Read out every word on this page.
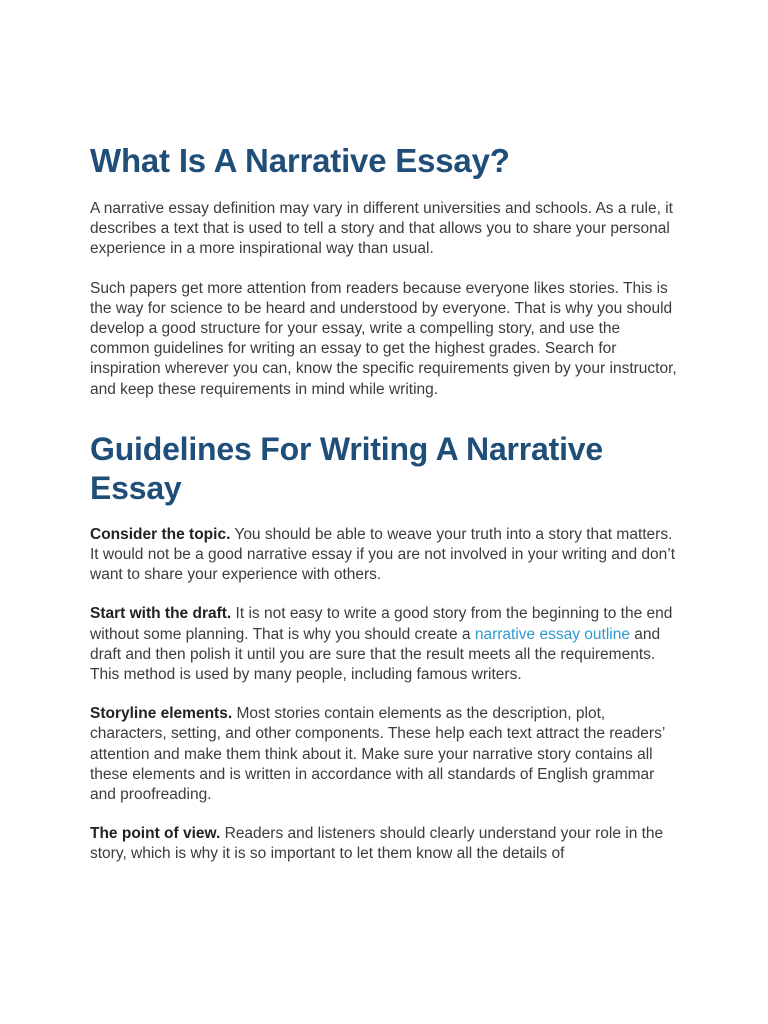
What Is A Narrative Essay?

A narrative essay definition may vary in different universities and schools. As a rule, it describes a text that is used to tell a story and that allows you to share your personal experience in a more inspirational way than usual.

Such papers get more attention from readers because everyone likes stories. This is the way for science to be heard and understood by everyone. That is why you should develop a good structure for your essay, write a compelling story, and use the common guidelines for writing an essay to get the highest grades. Search for inspiration wherever you can, know the specific requirements given by your instructor, and keep these requirements in mind while writing.

Guidelines For Writing A Narrative Essay

Consider the topic. You should be able to weave your truth into a story that matters. It would not be a good narrative essay if you are not involved in your writing and don’t want to share your experience with others.

Start with the draft. It is not easy to write a good story from the beginning to the end without some planning. That is why you should create a narrative essay outline and draft and then polish it until you are sure that the result meets all the requirements. This method is used by many people, including famous writers.

Storyline elements. Most stories contain elements as the description, plot, characters, setting, and other components. These help each text attract the readers’ attention and make them think about it. Make sure your narrative story contains all these elements and is written in accordance with all standards of English grammar and proofreading.

The point of view. Readers and listeners should clearly understand your role in the story, which is why it is so important to let them know all the details of
